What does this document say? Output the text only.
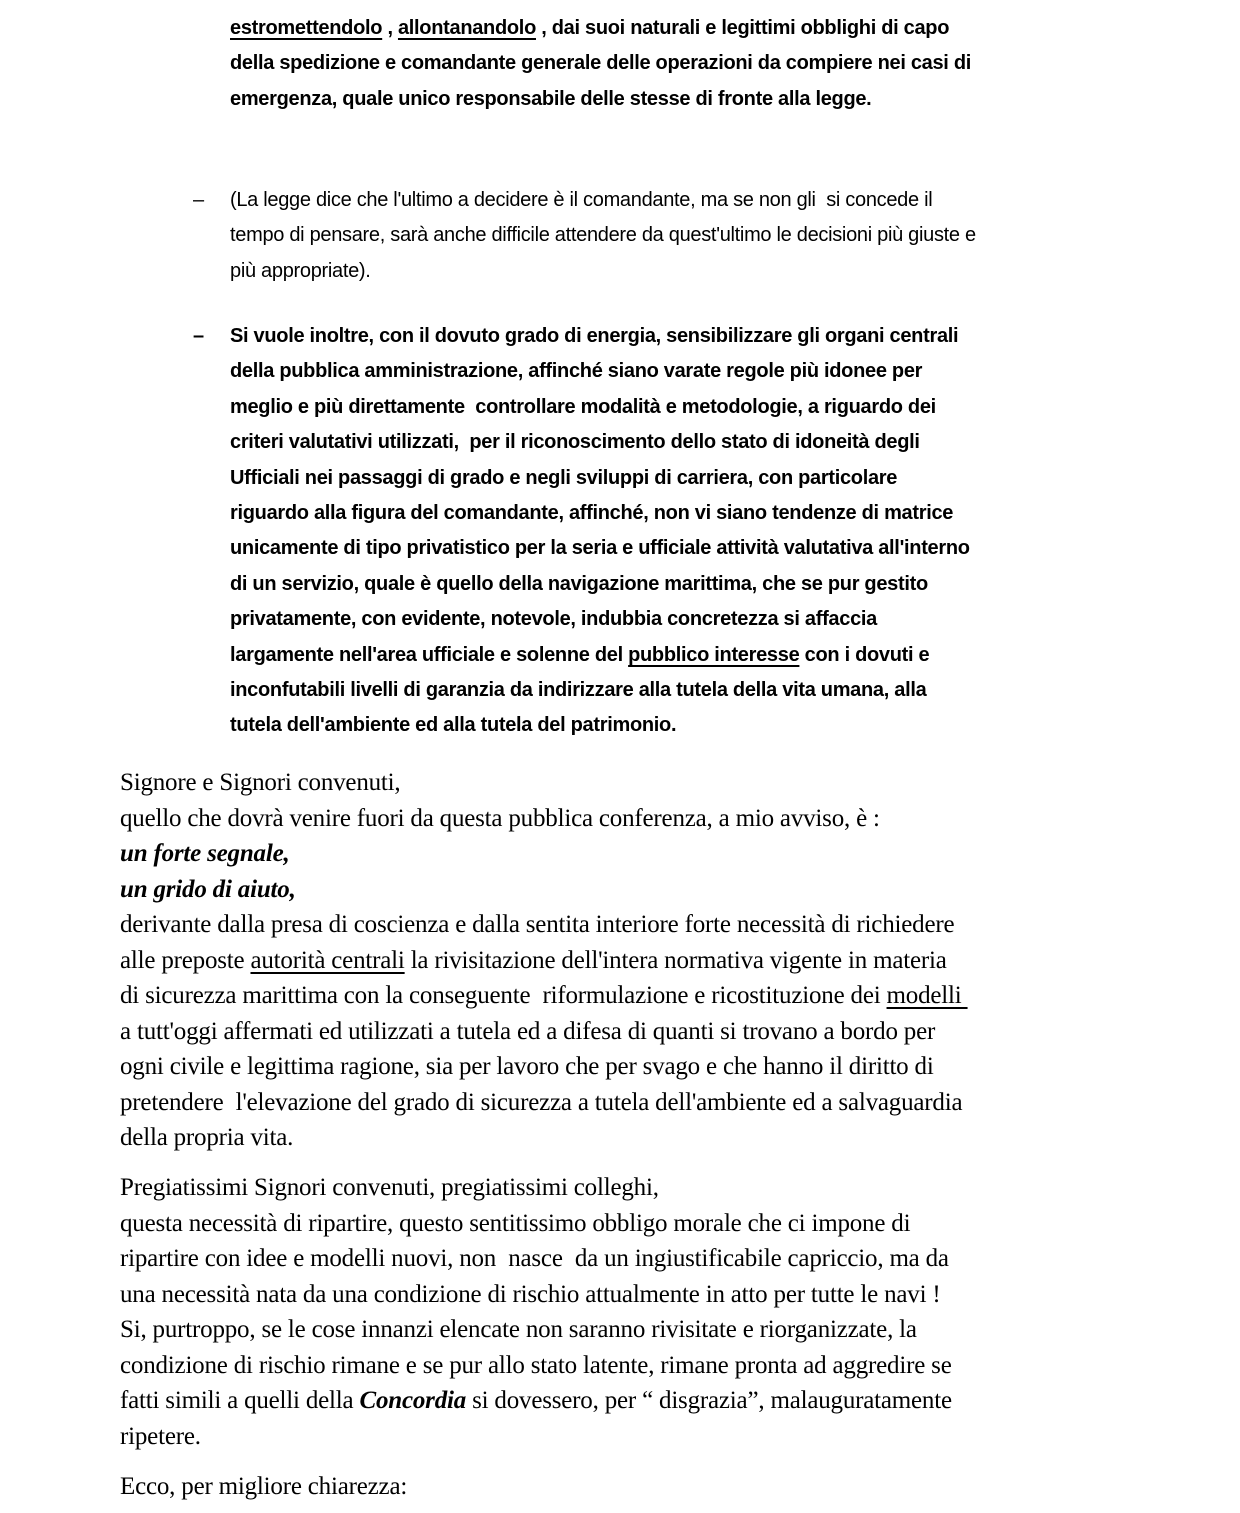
estromettendolo , allontanandolo , dai suoi naturali e legittimi obblighi di capo
della spedizione e comandante generale delle operazioni da compiere nei casi di
emergenza, quale unico responsabile delle stesse di fronte alla legge.
– (La legge dice che l'ultimo a decidere è il comandante, ma se non gli  si concede il
tempo di pensare, sarà anche difficile attendere da quest'ultimo le decisioni più giuste e
più appropriate).
– Si vuole inoltre, con il dovuto grado di energia, sensibilizzare gli organi centrali
della pubblica amministrazione, affinché siano varate regole più idonee per
meglio e più direttamente  controllare modalità e metodologie, a riguardo dei
criteri valutativi utilizzati,  per il riconoscimento dello stato di idoneità degli
Ufficiali nei passaggi di grado e negli sviluppi di carriera, con particolare
riguardo alla figura del comandante, affinché, non vi siano tendenze di matrice
unicamente di tipo privatistico per la seria e ufficiale attività valutativa all'interno
di un servizio, quale è quello della navigazione marittima, che se pur gestito
privatamente, con evidente, notevole, indubbia concretezza si affaccia
largamente nell'area ufficiale e solenne del pubblico interesse con i dovuti e
inconfutabili livelli di garanzia da indirizzare alla tutela della vita umana, alla
tutela dell'ambiente ed alla tutela del patrimonio.
Signore e Signori convenuti,
quello che dovrà venire fuori da questa pubblica conferenza, a mio avviso, è :
un forte segnale,
un grido di aiuto,
derivante dalla presa di coscienza e dalla sentita interiore forte necessità di richiedere
alle preposte autorità centrali la rivisitazione dell'intera normativa vigente in materia
di sicurezza marittima con la conseguente  riformulazione e ricostituzione dei modelli
a tutt'oggi affermati ed utilizzati a tutela ed a difesa di quanti si trovano a bordo per
ogni civile e legittima ragione, sia per lavoro che per svago e che hanno il diritto di
pretendere  l'elevazione del grado di sicurezza a tutela dell'ambiente ed a salvaguardia
della propria vita.
Pregiatissimi Signori convenuti, pregiatissimi colleghi,
questa necessità di ripartire, questo sentitissimo obbligo morale che ci impone di
ripartire con idee e modelli nuovi, non  nasce  da un ingiustificabile capriccio, ma da
una necessità nata da una condizione di rischio attualmente in atto per tutte le navi !
Si, purtroppo, se le cose innanzi elencate non saranno rivisitate e riorganizzate, la
condizione di rischio rimane e se pur allo stato latente, rimane pronta ad aggredire se
fatti simili a quelli della Concordia si dovessero, per “ disgrazia”, malauguratamente
ripetere.
Ecco, per migliore chiarezza:
